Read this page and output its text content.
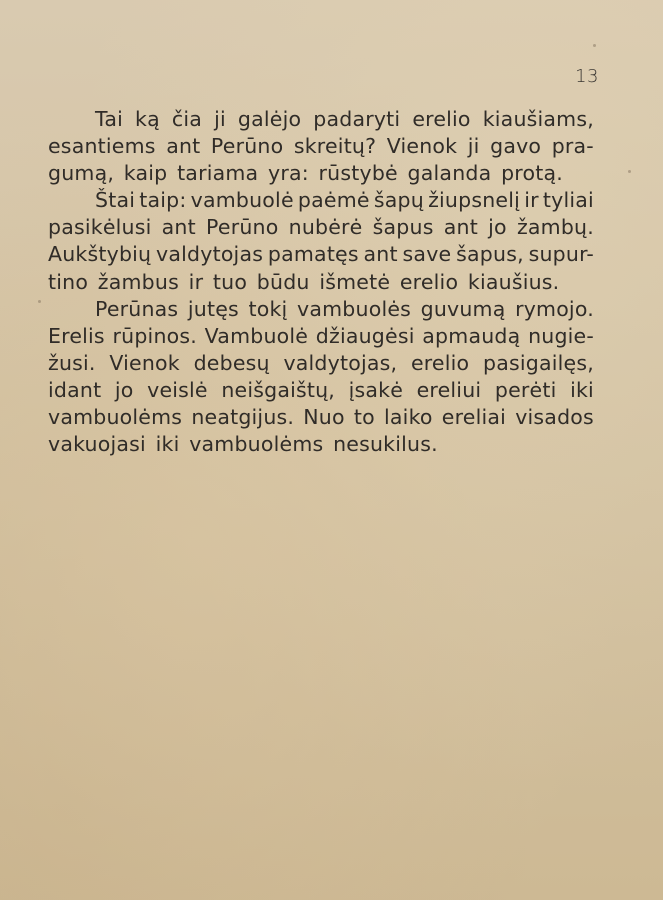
13
Tai ką čia ji galėjo padaryti erelio kiaušiams,
esantiems ant Perūno skreitų? Vienok ji gavo pra-
gumą, kaip tariama yra: rūstybė galanda protą.
Štai taip: vambuolė paėmė šapų žiupsnelį ir tyliai
pasikėlusi ant Perūno nubėrė šapus ant jo žambų.
Aukštybių valdytojas pamatęs ant save šapus, supur-
tino žambus ir tuo būdu išmetė erelio kiaušius.
Perūnas jutęs tokį vambuolės guvumą rymojo.
Erelis rūpinos. Vambuolė džiaugėsi apmaudą nugie-
žusi. Vienok debesų valdytojas, erelio pasigailęs,
idant jo veislė neišgaištų, įsakė ereliui perėti iki
vambuolėms neatgijus. Nuo to laiko ereliai visados
vakuojasi iki vambuolėms nesukilus.
